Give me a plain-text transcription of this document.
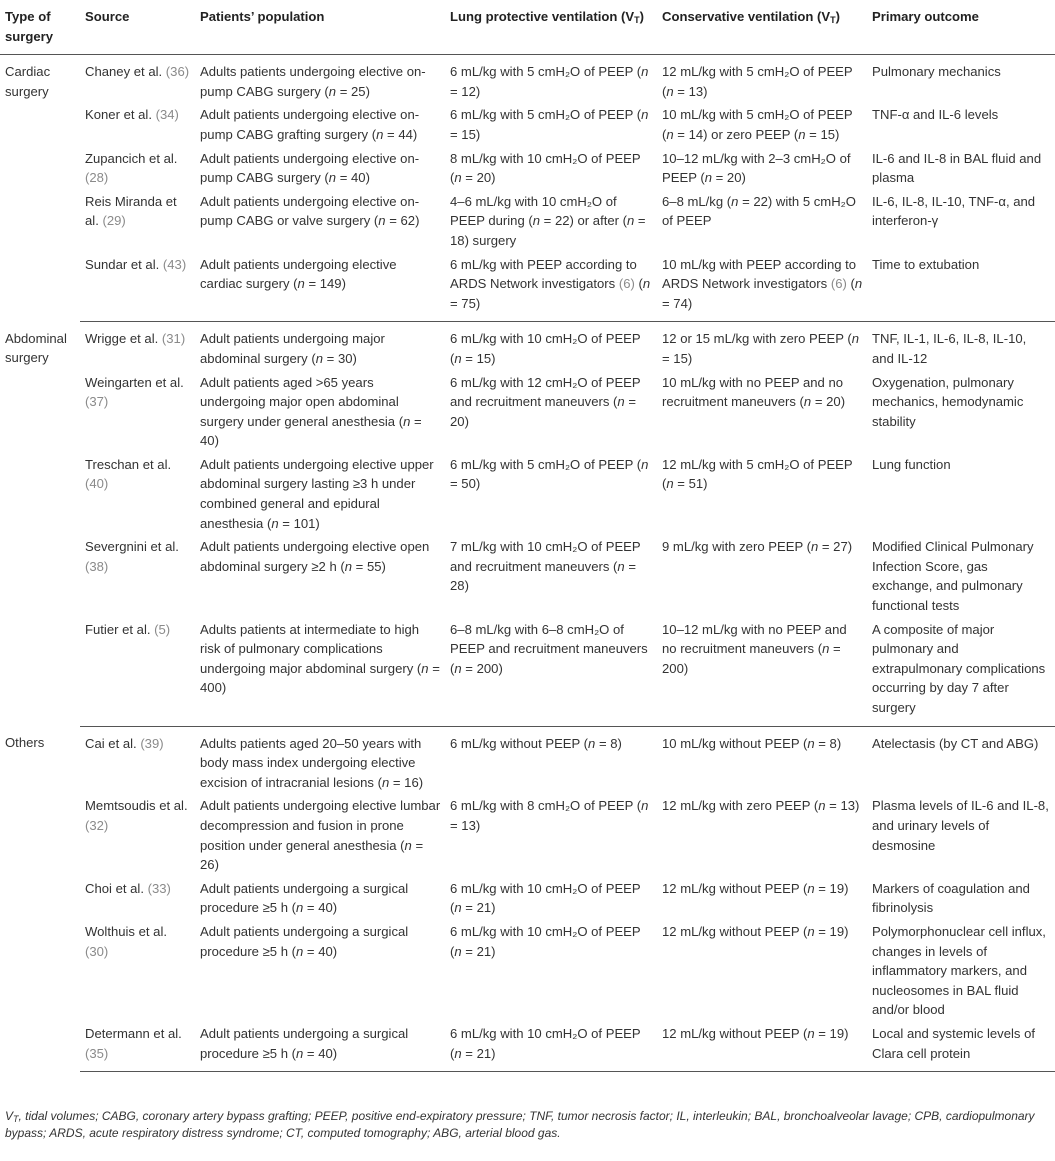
Type of surgery	Source	Patients’ population	Lung protective ventilation $(V_T)$	Conservative ventilation $(V_T)$	Primary outcome
Cardiac surgery	Chaney et al. (36)	Adults patients undergoing elective on-pump CABG surgery (n = 25)	6 mL/kg with 5 cmH₂O of PEEP (n = 12)	12 mL/kg with 5 cmH₂O of PEEP (n = 13)	Pulmonary mechanics
	Koner et al. (34)	Adult patients undergoing elective on-pump CABG grafting surgery (n = 44)	6 mL/kg with 5 cmH₂O of PEEP (n = 15)	10 mL/kg with 5 cmH₂O of PEEP (n = 14) or zero PEEP (n = 15)	TNF-α and IL-6 levels
	Zupancich et al. (28)	Adult patients undergoing elective on-pump CABG surgery (n = 40)	8 mL/kg with 10 cmH₂O of PEEP (n = 20)	10–12 mL/kg with 2–3 cmH₂O of PEEP (n = 20)	IL-6 and IL-8 in BAL fluid and plasma
	Reis Miranda et al. (29)	Adult patients undergoing elective on-pump CABG or valve surgery (n = 62)	4–6 mL/kg with 10 cmH₂O of PEEP during (n = 22) or after (n = 18) surgery	6–8 mL/kg (n = 22) with 5 cmH₂O of PEEP	IL-6, IL-8, IL-10, TNF-α, and interferon-γ
	Sundar et al. (43)	Adult patients undergoing elective cardiac surgery (n = 149)	6 mL/kg with PEEP according to ARDS Network investigators (6) (n = 75)	10 mL/kg with PEEP according to ARDS Network investigators (6) (n = 74)	Time to extubation
Abdominal surgery	Wrigge et al. (31)	Adult patients undergoing major abdominal surgery (n = 30)	6 mL/kg with 10 cmH₂O of PEEP (n = 15)	12 or 15 mL/kg with zero PEEP (n = 15)	TNF, IL-1, IL-6, IL-8, IL-10, and IL-12
	Weingarten et al. (37)	Adult patients aged >65 years undergoing major open abdominal surgery under general anesthesia (n = 40)	6 mL/kg with 12 cmH₂O of PEEP and recruitment maneuvers (n = 20)	10 mL/kg with no PEEP and no recruitment maneuvers (n = 20)	Oxygenation, pulmonary mechanics, hemodynamic stability
	Treschan et al. (40)	Adult patients undergoing elective upper abdominal surgery lasting ≥3 h under combined general and epidural anesthesia (n = 101)	6 mL/kg with 5 cmH₂O of PEEP (n = 50)	12 mL/kg with 5 cmH₂O of PEEP (n = 51)	Lung function
	Severgnini et al. (38)	Adult patients undergoing elective open abdominal surgery ≥2 h (n = 55)	7 mL/kg with 10 cmH₂O of PEEP and recruitment maneuvers (n = 28)	9 mL/kg with zero PEEP (n = 27)	Modified Clinical Pulmonary Infection Score, gas exchange, and pulmonary functional tests
	Futier et al. (5)	Adults patients at intermediate to high risk of pulmonary complications undergoing major abdominal surgery (n = 400)	6–8 mL/kg with 6–8 cmH₂O of PEEP and recruitment maneuvers (n = 200)	10–12 mL/kg with no PEEP and no recruitment maneuvers (n = 200)	A composite of major pulmonary and extrapulmonary complications occurring by day 7 after surgery
Others	Cai et al. (39)	Adults patients aged 20–50 years with body mass index undergoing elective excision of intracranial lesions (n = 16)	6 mL/kg without PEEP (n = 8)	10 mL/kg without PEEP (n = 8)	Atelectasis (by CT and ABG)
	Memtsoudis et al. (32)	Adult patients undergoing elective lumbar decompression and fusion in prone position under general anesthesia (n = 26)	6 mL/kg with 8 cmH₂O of PEEP (n = 13)	12 mL/kg with zero PEEP (n = 13)	Plasma levels of IL-6 and IL-8, and urinary levels of desmosine
	Choi et al. (33)	Adult patients undergoing a surgical procedure ≥5 h (n = 40)	6 mL/kg with 10 cmH₂O of PEEP (n = 21)	12 mL/kg without PEEP (n = 19)	Markers of coagulation and fibrinolysis
	Wolthuis et al. (30)	Adult patients undergoing a surgical procedure ≥5 h (n = 40)	6 mL/kg with 10 cmH₂O of PEEP (n = 21)	12 mL/kg without PEEP (n = 19)	Polymorphonuclear cell influx, changes in levels of inflammatory markers, and nucleosomes in BAL fluid and/or blood
	Determann et al. (35)	Adult patients undergoing a surgical procedure ≥5 h (n = 40)	6 mL/kg with 10 cmH₂O of PEEP (n = 21)	12 mL/kg without PEEP (n = 19)	Local and systemic levels of Clara cell protein
$V_T$, tidal volumes; CABG, coronary artery bypass grafting; PEEP, positive end-expiratory pressure; TNF, tumor necrosis factor; IL, interleukin; BAL, bronchoalveolar lavage; CPB, cardiopulmonary bypass; ARDS, acute respiratory distress syndrome; CT, computed tomography; ABG, arterial blood gas.
